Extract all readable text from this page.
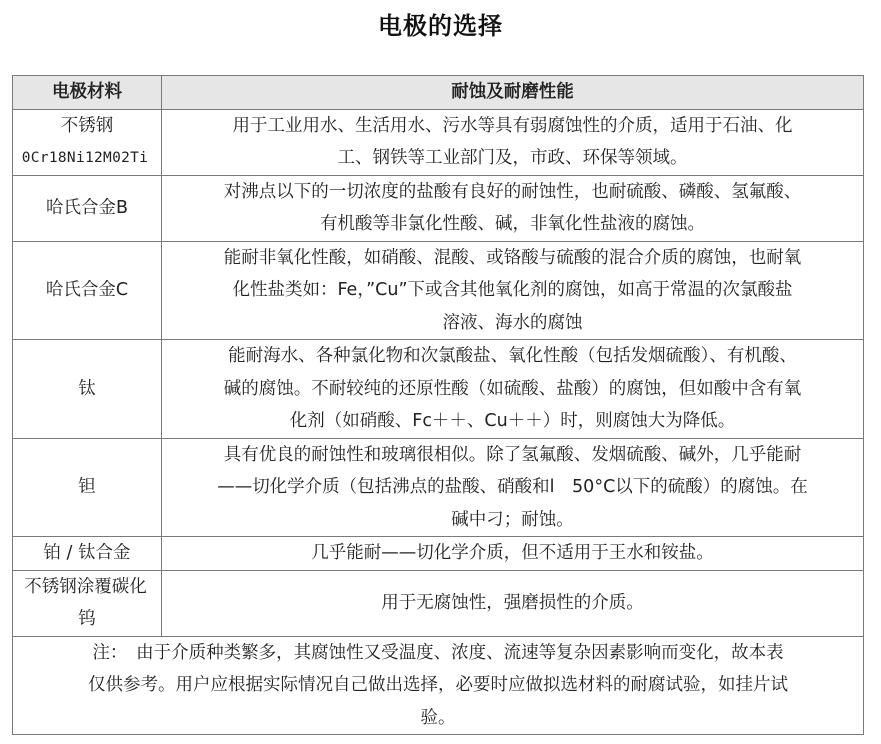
电极的选择
电极材料	耐蚀及耐磨性能

不锈钢
0Cr18Ni12M02Ti	用于工业用水、生活用水、污水等具有弱腐蚀性的介质，适用于石油、化
工、钢铁等工业部门及，市政、环保等领域。

哈氏合金B	对沸点以下的一切浓度的盐酸有良好的耐蚀性，也耐硫酸、磷酸、氢氟酸、
有机酸等非氯化性酸、碱，非氧化性盐液的腐蚀。

哈氏合金C	能耐非氧化性酸，如硝酸、混酸、或铬酸与硫酸的混合介质的腐蚀，也耐氧
化性盐类如：Fe，”Cu”下或含其他氧化剂的腐蚀，如高于常温的次氯酸盐
溶液、海水的腐蚀

钛	能耐海水、各种氯化物和次氯酸盐、氧化性酸（包括发烟硫酸）、有机酸、
碱的腐蚀。不耐较纯的还原性酸（如硫酸、盐酸）的腐蚀，但如酸中含有氧
化剂（如硝酸、Fc＋＋、Cu＋＋）时，则腐蚀大为降低。

钽	具有优良的耐蚀性和玻璃很相似。除了氢氟酸、发烟硫酸、碱外，几乎能耐
——切化学介质（包括沸点的盐酸、硝酸和l　50°C以下的硫酸）的腐蚀。在
碱中刁；耐蚀。

铂 / 钛合金	几乎能耐——切化学介质，但不适用于王水和铵盐。

不锈钢涂覆碳化
钨	用于无腐蚀性，强磨损性的介质。

注：　由于介质种类繁多，其腐蚀性又受温度、浓度、流速等复杂因素影响而变化，故本表
仅供参考。用户应根据实际情况自己做出选择，必要时应做拟选材料的耐腐试验，如挂片试
验。	
